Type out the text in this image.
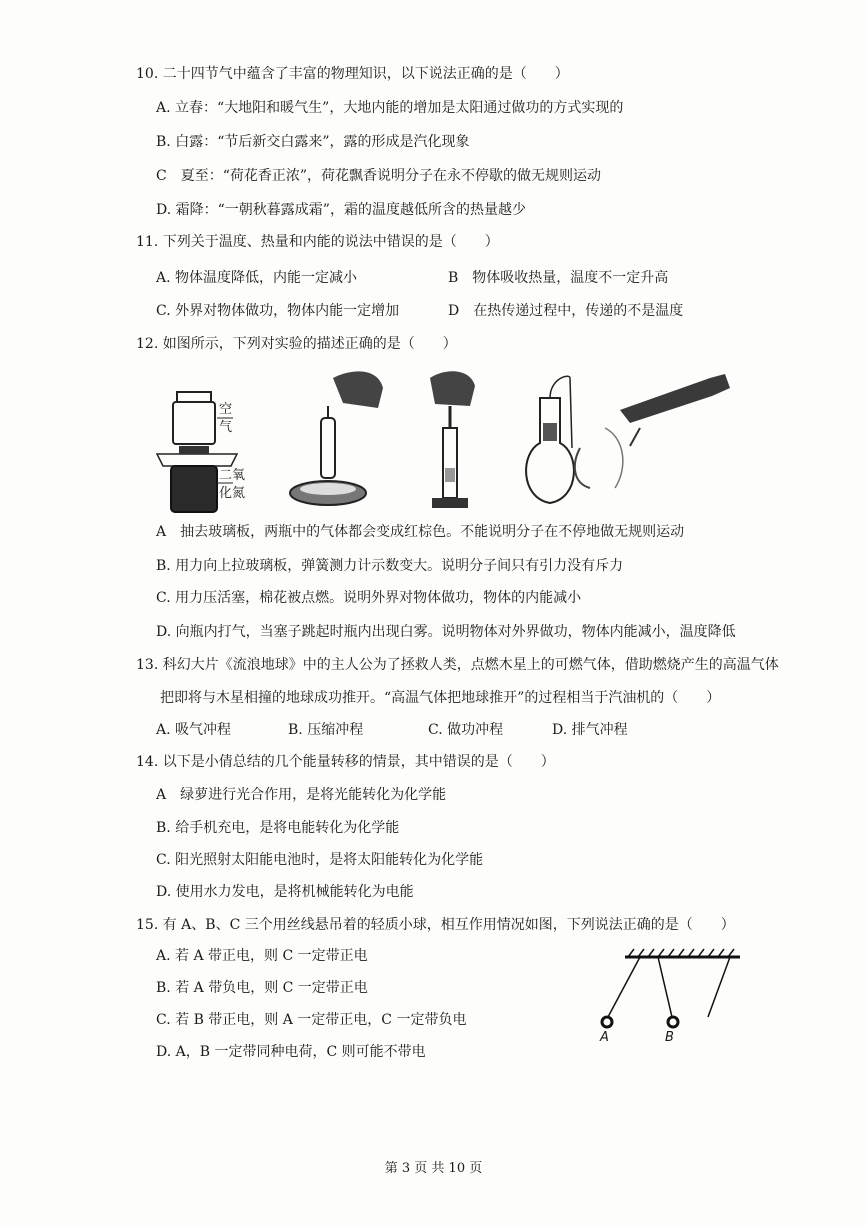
10. 二十四节气中蕴含了丰富的物理知识，以下说法正确的是（　　）
A. 立春：“大地阳和暖气生”，大地内能的增加是太阳通过做功的方式实现的
B. 白露：“节后新交白露来”，露的形成是汽化现象
C　夏至：“荷花香正浓”，荷花飘香说明分子在永不停歇的做无规则运动
D. 霜降：“一朝秋暮露成霜”，霜的温度越低所含的热量越少
11. 下列关于温度、热量和内能的说法中错误的是（　　）
A. 物体温度降低，内能一定减小	B　物体吸收热量，温度不一定升高
C. 外界对物体做功，物体内能一定增加	D　在热传递过程中，传递的不是温度
12. 如图所示，下列对实验的描述正确的是（　　）
空
气
二氧
化氮
A　抽去玻璃板，两瓶中的气体都会变成红棕色。不能说明分子在不停地做无规则运动
B. 用力向上拉玻璃板，弹簧测力计示数变大。说明分子间只有引力没有斥力
C. 用力压活塞，棉花被点燃。说明外界对物体做功，物体的内能减小
D. 向瓶内打气，当塞子跳起时瓶内出现白雾。说明物体对外界做功，物体内能减小，温度降低
13. 科幻大片《流浪地球》中的主人公为了拯救人类，点燃木星上的可燃气体，借助燃烧产生的高温气体
把即将与木星相撞的地球成功推开。“高温气体把地球推开”的过程相当于汽油机的（　　）
A. 吸气冲程	B. 压缩冲程	C. 做功冲程	D. 排气冲程
14. 以下是小倩总结的几个能量转移的情景，其中错误的是（　　）
A　绿萝进行光合作用，是将光能转化为化学能
B. 给手机充电，是将电能转化为化学能
C. 阳光照射太阳能电池时，是将太阳能转化为化学能
D. 使用水力发电，是将机械能转化为电能
15. 有 A、B、C 三个用丝线悬吊着的轻质小球，相互作用情况如图，下列说法正确的是（　　）
A. 若 A 带正电，则 C 一定带正电
B. 若 A 带负电，则 C 一定带正电
C. 若 B 带正电，则 A 一定带正电，C 一定带负电
D. A，B 一定带同种电荷，C 则可能不带电
A	B
第 3 页 共 10 页
